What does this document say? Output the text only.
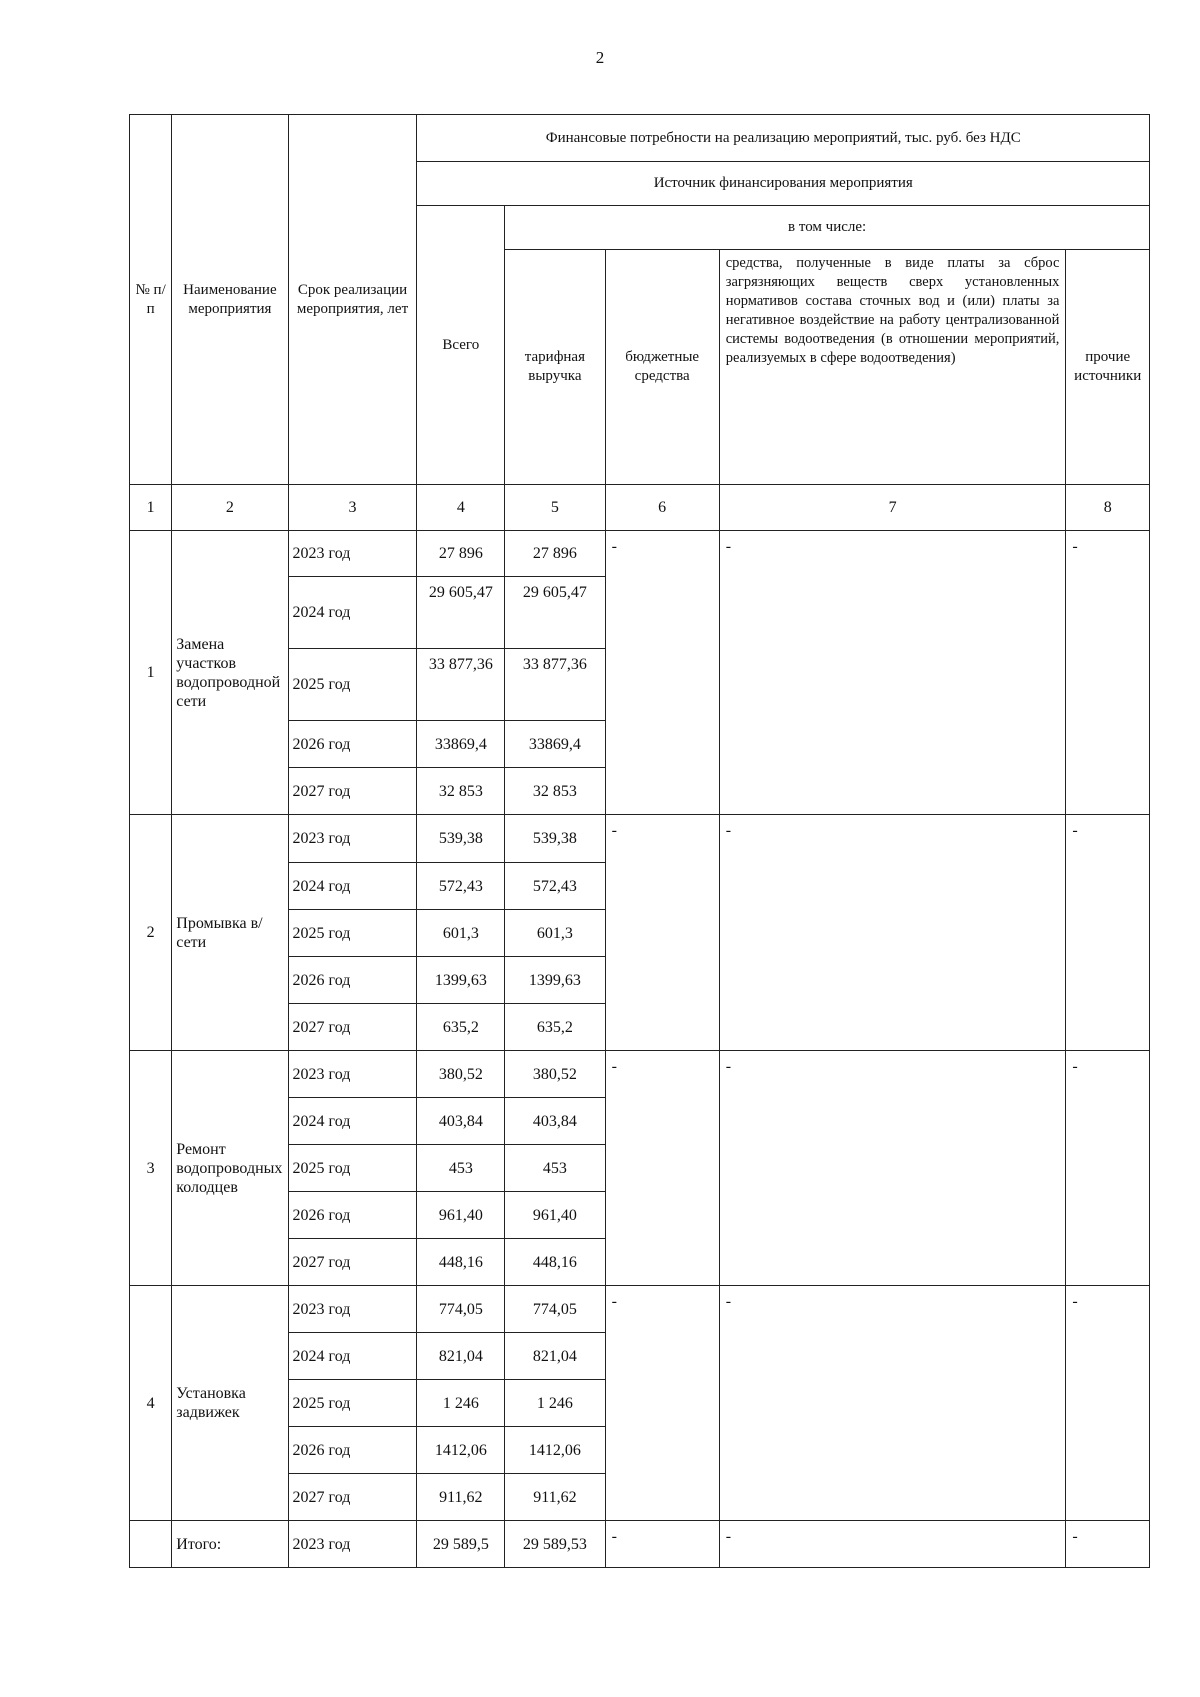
2
№ п/п	Наименование мероприятия	Срок реализации мероприятия, лет	Финансовые потребности на реализацию мероприятий, тыс. руб. без НДС				
			Источник финансирования мероприятия				
			Всего	в том числе:			
				тарифная выручка	бюджетные средства	средства, полученные в виде платы за сброс загрязняющих веществ сверх установленных нормативов состава сточных вод и (или) платы за негативное воздействие на работу централизованной системы водоотведения (в отношении мероприятий, реализуемых в сфере водоотведения)	прочие источники
1	2	3	4	5	6	7	8
1	Замена участков водопроводной сети	2023 год	27 896	27 896	-	-	-
		2024 год	29 605,47	29 605,47			
		2025 год	33 877,36	33 877,36			
		2026 год	33869,4	33869,4			
		2027 год	32 853	32 853			
2	Промывка в/сети	2023 год	539,38	539,38	-	-	-
		2024 год	572,43	572,43			
		2025 год	601,3	601,3			
		2026 год	1399,63	1399,63			
		2027 год	635,2	635,2			
3	Ремонт водопроводных колодцев	2023 год	380,52	380,52	-	-	-
		2024 год	403,84	403,84			
		2025 год	453	453			
		2026 год	961,40	961,40			
		2027 год	448,16	448,16			
4	Установка задвижек	2023 год	774,05	774,05	-	-	-
		2024 год	821,04	821,04			
		2025 год	1 246	1 246			
		2026 год	1412,06	1412,06			
		2027 год	911,62	911,62			
	Итого:	2023 год	29 589,5	29 589,53	-	-	-
